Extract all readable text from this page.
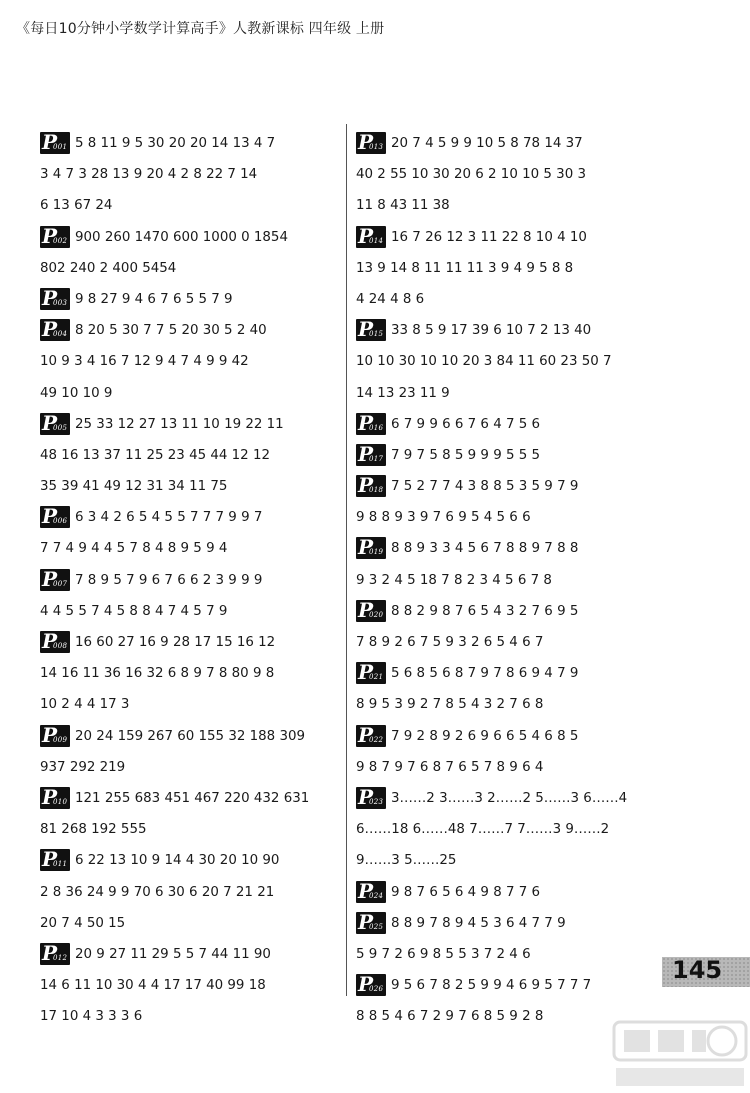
《每日10分钟小学数学计算高手》人教新课标 四年级 上册
P
001 5 8 11 9 5 30 20 20 14 13 4 7
3 4 7 3 28 13 9 20 4 2 8 22 7 14
6 13 67 24
P
002 900 260 1470 600 1000 0 1854
802 240 2 400 5454
P
003 9 8 27 9 4 6 7 6 5 5 7 9
P
004 8 20 5 30 7 7 5 20 30 5 2 40
10 9 3 4 16 7 12 9 4 7 4 9 9 42
49 10 10 9
P
005 25 33 12 27 13 11 10 19 22 11
48 16 13 37 11 25 23 45 44 12 12
35 39 41 49 12 31 34 11 75
P
006 6 3 4 2 6 5 4 5 5 7 7 7 9 9 7
7 7 4 9 4 4 5 7 8 4 8 9 5 9 4
P
007 7 8 9 5 7 9 6 7 6 6 2 3 9 9 9
4 4 5 5 7 4 5 8 8 4 7 4 5 7 9
P
008 16 60 27 16 9 28 17 15 16 12
14 16 11 36 16 32 6 8 9 7 8 80 9 8
10 2 4 4 17 3
P
009 20 24 159 267 60 155 32 188 309
937 292 219
P
010 121 255 683 451 467 220 432 631
81 268 192 555
P
011 6 22 13 10 9 14 4 30 20 10 90
2 8 36 24 9 9 70 6 30 6 20 7 21 21
20 7 4 50 15
P
012 20 9 27 11 29 5 5 7 44 11 90
14 6 11 10 30 4 4 17 17 40 99 18
17 10 4 3 3 3 6
P
013 20 7 4 5 9 9 10 5 8 78 14 37
40 2 55 10 30 20 6 2 10 10 5 30 3
11 8 43 11 38
P
014 16 7 26 12 3 11 22 8 10 4 10
13 9 14 8 11 11 11 3 9 4 9 5 8 8
4 24 4 8 6
P
015 33 8 5 9 17 39 6 10 7 2 13 40
10 10 30 10 10 20 3 84 11 60 23 50 7
14 13 23 11 9
P
016 6 7 9 9 6 6 7 6 4 7 5 6
P
017 7 9 7 5 8 5 9 9 9 5 5 5
P
018 7 5 2 7 7 4 3 8 8 5 3 5 9 7 9
9 8 8 9 3 9 7 6 9 5 4 5 6 6
P
019 8 8 9 3 3 4 5 6 7 8 8 9 7 8 8
9 3 2 4 5 18 7 8 2 3 4 5 6 7 8
P
020 8 8 2 9 8 7 6 5 4 3 2 7 6 9 5
7 8 9 2 6 7 5 9 3 2 6 5 4 6 7
P
021 5 6 8 5 6 8 7 9 7 8 6 9 4 7 9
8 9 5 3 9 2 7 8 5 4 3 2 7 6 8
P
022 7 9 2 8 9 2 6 9 6 6 5 4 6 8 5
9 8 7 9 7 6 8 7 6 5 7 8 9 6 4
P
023 3……2 3……3 2……2 5……3 6……4
6……18 6……48 7……7 7……3 9……2
9……3 5……25
P
024 9 8 7 6 5 6 4 9 8 7 7 6
P
025 8 8 9 7 8 9 4 5 3 6 4 7 7 9
5 9 7 2 6 9 8 5 5 3 7 2 4 6
P
026 9 5 6 7 8 2 5 9 9 4 6 9 5 7 7 7
8 8 5 4 6 7 2 9 7 6 8 5 9 2 8
145
